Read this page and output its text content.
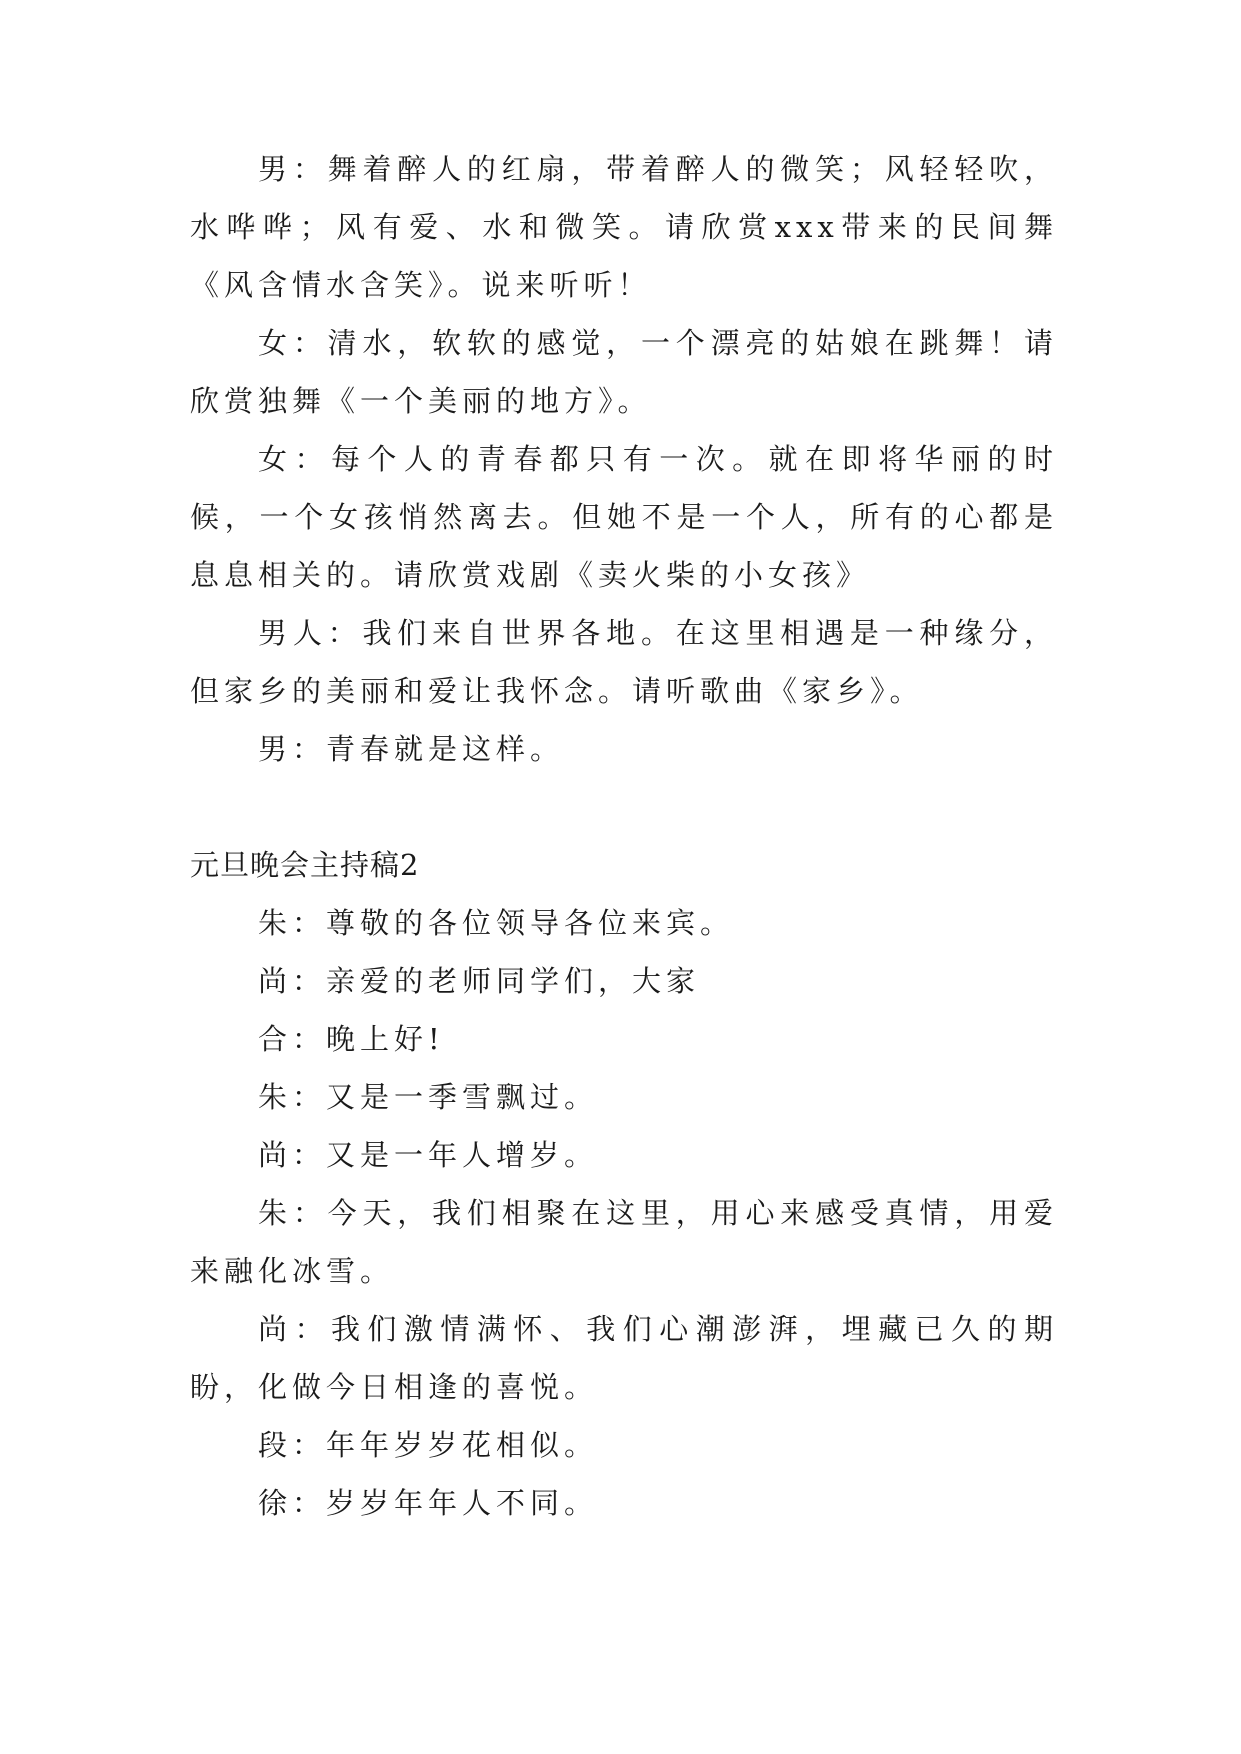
男：舞着醉人的红扇，带着醉人的微笑；风轻轻吹，水哗哗；风有爱、水和微笑。请欣赏xxx带来的民间舞《风含情水含笑》。说来听听！

女：清水，软软的感觉，一个漂亮的姑娘在跳舞！请欣赏独舞《一个美丽的地方》。

女：每个人的青春都只有一次。就在即将华丽的时候，一个女孩悄然离去。但她不是一个人，所有的心都是息息相关的。请欣赏戏剧《卖火柴的小女孩》

男人：我们来自世界各地。在这里相遇是一种缘分，但家乡的美丽和爱让我怀念。请听歌曲《家乡》。

男：青春就是这样。

元旦晚会主持稿2

朱：尊敬的各位领导各位来宾。

尚：亲爱的老师同学们，大家

合：晚上好!

朱：又是一季雪飘过。

尚：又是一年人增岁。

朱：今天，我们相聚在这里，用心来感受真情，用爱来融化冰雪。

尚：我们激情满怀、我们心潮澎湃，埋藏已久的期盼，化做今日相逢的喜悦。

段：年年岁岁花相似。

徐：岁岁年年人不同。
